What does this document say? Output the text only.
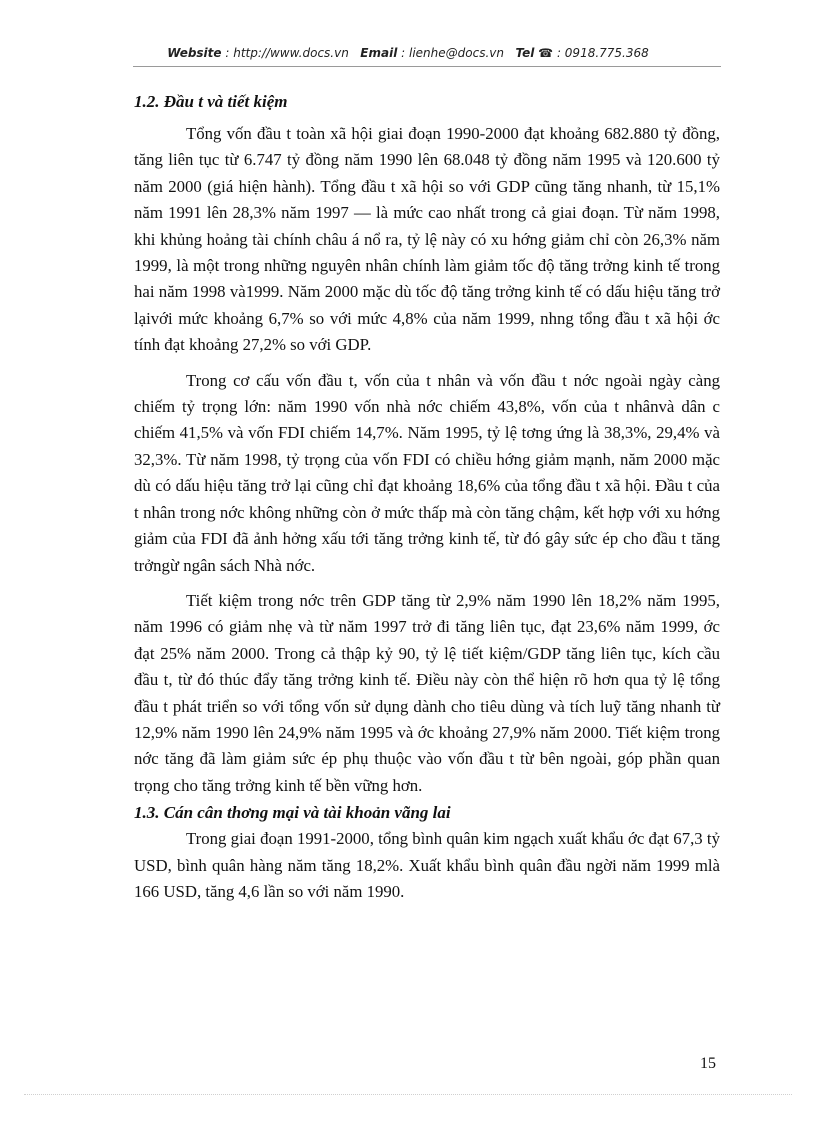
Website : http://www.docs.vn Email : lienhe@docs.vn Tel ☎ : 0918.775.368
1.2. Đầu t và tiết kiệm

Tổng vốn đầu t toàn xã hội giai đoạn 1990-2000 đạt khoảng 682.880 tỷ đồng, tăng liên tục từ 6.747 tỷ đồng năm 1990 lên 68.048 tỷ đồng năm 1995 và 120.600 tỷ năm 2000 (giá hiện hành). Tổng đầu t xã hội so với GDP cũng tăng nhanh, từ 15,1% năm 1991 lên 28,3% năm 1997 — là mức cao nhất trong cả giai đoạn. Từ năm 1998, khi khủng hoảng tài chính châu á nổ ra, tỷ lệ này có xu hớng giảm chỉ còn 26,3% năm 1999, là một trong những nguyên nhân chính làm giảm tốc độ tăng trởng kinh tế trong hai năm 1998 và1999. Năm 2000 mặc dù tốc độ tăng trởng kinh tế có dấu hiệu tăng trở lạivới mức khoảng 6,7% so với mức 4,8% của năm 1999, nhng tổng đầu t xã hội ớc tính đạt khoảng 27,2% so với GDP.

Trong cơ cấu vốn đầu t, vốn của t nhân và vốn đầu t nớc ngoài ngày càng chiếm tỷ trọng lớn: năm 1990 vốn nhà nớc chiếm 43,8%, vốn của t nhânvà dân c chiếm 41,5% và vốn FDI chiếm 14,7%. Năm 1995, tỷ lệ tơng ứng là 38,3%, 29,4% và 32,3%. Từ năm 1998, tỷ trọng của vốn FDI có chiều hớng giảm mạnh, năm 2000 mặc dù có dấu hiệu tăng trở lại cũng chỉ đạt khoảng 18,6% của tổng đầu t xã hội. Đầu t của t nhân trong nớc không những còn ở mức thấp mà còn tăng chậm, kết hợp với xu hớng giảm của FDI đã ảnh hởng xấu tới tăng trởng kinh tế, từ đó gây sức ép cho đầu t tăng trởngừ ngân sách Nhà nớc.

Tiết kiệm trong nớc trên GDP tăng từ 2,9% năm 1990 lên 18,2% năm 1995, năm 1996 có giảm nhẹ và từ năm 1997 trở đi tăng liên tục, đạt 23,6% năm 1999, ớc đạt 25% năm 2000. Trong cả thập kỷ 90, tỷ lệ tiết kiệm/GDP tăng liên tục, kích cầu đầu t, từ đó thúc đẩy tăng trởng kinh tế. Điều này còn thể hiện rõ hơn qua tỷ lệ tổng đầu t phát triển so với tổng vốn sử dụng dành cho tiêu dùng và tích luỹ tăng nhanh từ 12,9% năm 1990 lên 24,9% năm 1995 và ớc khoảng 27,9% năm 2000. Tiết kiệm trong nớc tăng đã làm giảm sức ép phụ thuộc vào vốn đầu t từ bên ngoài, góp phần quan trọng cho tăng trởng kinh tế bền vững hơn.

1.3. Cán cân thơng mại và tài khoản vãng lai

Trong giai đoạn 1991-2000, tổng bình quân kim ngạch xuất khẩu ớc đạt 67,3 tỷ USD, bình quân hàng năm tăng 18,2%. Xuất khẩu bình quân đầu ngời năm 1999 mlà 166 USD, tăng 4,6 lần so với năm 1990.

15
